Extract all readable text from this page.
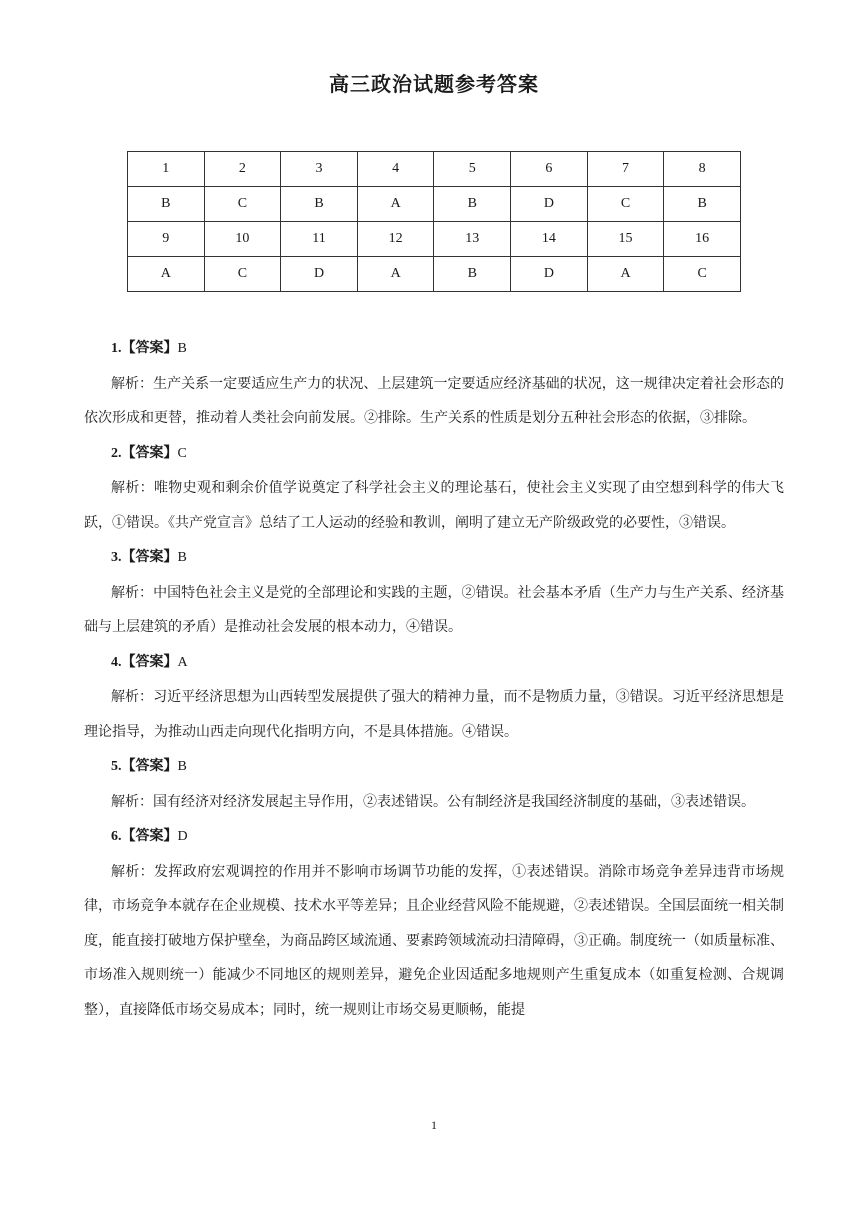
高三政治试题参考答案
1	2	3	4	5	6	7	8
B	C	B	A	B	D	C	B
9	10	11	12	13	14	15	16
A	C	D	A	B	D	A	C
1.【答案】B
解析：生产关系一定要适应生产力的状况、上层建筑一定要适应经济基础的状况，这一规律决定着社会形态的依次形成和更替，推动着人类社会向前发展。②排除。生产关系的性质是划分五种社会形态的依据，③排除。
2.【答案】C
解析：唯物史观和剩余价值学说奠定了科学社会主义的理论基石，使社会主义实现了由空想到科学的伟大飞跃，①错误。《共产党宣言》总结了工人运动的经验和教训，阐明了建立无产阶级政党的必要性，③错误。
3.【答案】B
解析：中国特色社会主义是党的全部理论和实践的主题，②错误。社会基本矛盾（生产力与生产关系、经济基础与上层建筑的矛盾）是推动社会发展的根本动力，④错误。
4.【答案】A
解析：习近平经济思想为山西转型发展提供了强大的精神力量，而不是物质力量，③错误。习近平经济思想是理论指导，为推动山西走向现代化指明方向，不是具体措施。④错误。
5.【答案】B
解析：国有经济对经济发展起主导作用，②表述错误。公有制经济是我国经济制度的基础，③表述错误。
6.【答案】D
解析：发挥政府宏观调控的作用并不影响市场调节功能的发挥，①表述错误。消除市场竞争差异违背市场规律，市场竞争本就存在企业规模、技术水平等差异；且企业经营风险不能规避，②表述错误。全国层面统一相关制度，能直接打破地方保护壁垒，为商品跨区域流通、要素跨领域流动扫清障碍，③正确。制度统一（如质量标准、市场准入规则统一）能减少不同地区的规则差异，避免企业因适配多地规则产生重复成本（如重复检测、合规调整），直接降低市场交易成本；同时，统一规则让市场交易更顺畅，能提
1
